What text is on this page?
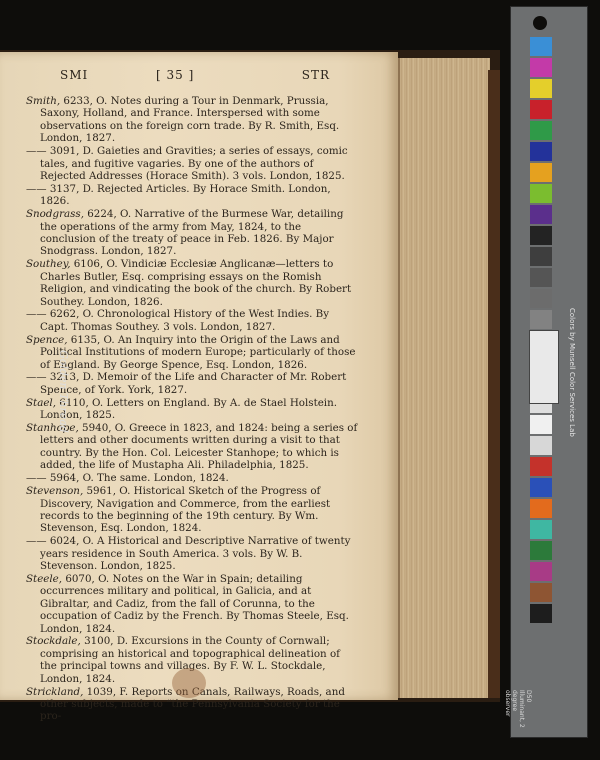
SMI	[ 35 ]	STR
Smith, 6233, O. Notes during a Tour in Denmark, Prussia, Saxony, Holland, and France. Interspersed with some observations on the foreign corn trade. By R. Smith, Esq. London, 1827.
—— 3091, D. Gaieties and Gravities; a series of essays, comic tales, and fugitive vagaries. By one of the authors of Rejected Addresses (Horace Smith). 3 vols. London, 1825.
—— 3137, D. Rejected Articles. By Horace Smith. London, 1826.
Snodgrass, 6224, O. Narrative of the Burmese War, detailing the operations of the army from May, 1824, to the conclusion of the treaty of peace in Feb. 1826. By Major Snodgrass. London, 1827.
Southey, 6106, O. Vindiciæ Ecclesiæ Anglicanæ—letters to Charles Butler, Esq. comprising essays on the Romish Religion, and vindicating the book of the church. By Robert Southey. London, 1826.
—— 6262, O. Chronological History of the West Indies. By Capt. Thomas Southey. 3 vols. London, 1827.
Spence, 6135, O. An Inquiry into the Origin of the Laws and Political Institutions of modern Europe; particularly of those of England. By George Spence, Esq. London, 1826.
—— 3213, D. Memoir of the Life and Character of Mr. Robert Spence, of York. York, 1827.
Stael, 6110, O. Letters on England. By A. de Stael Holstein. London, 1825.
Stanhope, 5940, O. Greece in 1823, and 1824: being a series of letters and other documents written during a visit to that country. By the Hon. Col. Leicester Stanhope; to which is added, the life of Mustapha Ali. Philadelphia, 1825.
—— 5964, O. The same. London, 1824.
Stevenson, 5961, O. Historical Sketch of the Progress of Discovery, Navigation and Commerce, from the earliest records to the beginning of the 19th century. By Wm. Stevenson, Esq. London, 1824.
—— 6024, O. A Historical and Descriptive Narrative of twenty years residence in South America. 3 vols. By W. B. Stevenson. London, 1825.
Steele, 6070, O. Notes on the War in Spain; detailing occurrences military and political, in Galicia, and at Gibraltar, and Cadiz, from the fall of Corunna, to the occupation of Cadiz by the French. By Thomas Steele, Esq. London, 1824.
Stockdale, 3100, D. Excursions in the County of Cornwall; comprising an historical and topographical delineation of the principal towns and villages. By F. W. L. Stockdale, London, 1824.
Strickland, 1039, F. Reports on Canals, Railways, Roads, and other subjects, made to “the Pennsylvania Society for the pro-
Colors by Munsell Color Services Lab
Golden Thread
D50 Illuminant, 2 degree observer
